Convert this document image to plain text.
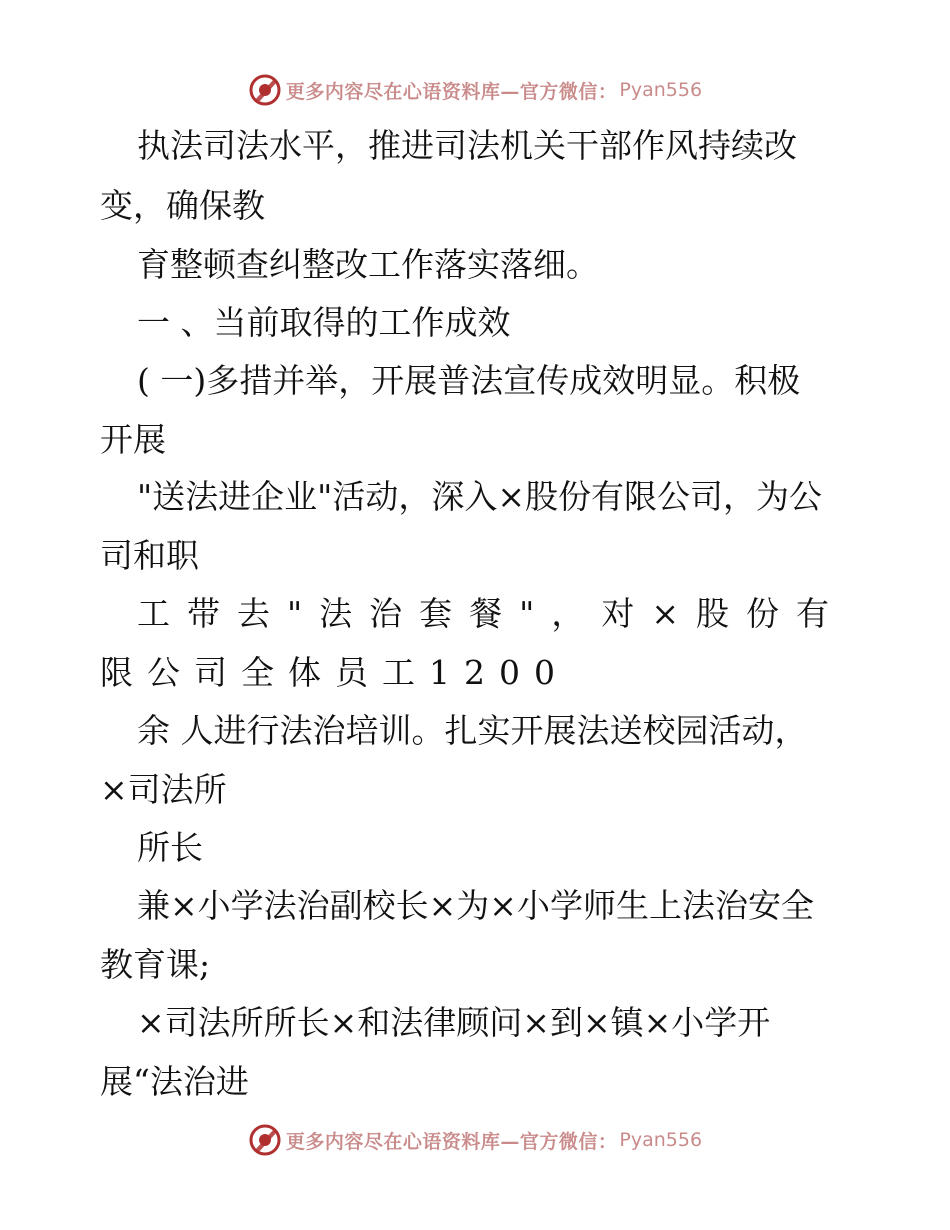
更多内容尽在心语资料库—官方微信： Pyan556
执法司法水平，推进司法机关干部作风持续改
变，确保教
育整顿查纠整改工作落实落细。
一 、当前取得的工作成效
( 一)多措并举，开展普法宣传成效明显。积极
开展
"送法进企业"活动，深入×股份有限公司，为公
司和职
工带去"法治套餐"，对×股份有
限公司全体员工1200
余 人进行法治培训。扎实开展法送校园活动，
×司法所
所长
兼×小学法治副校长×为×小学师生上法治安全
教育课;
×司法所所长×和法律顾问×到×镇×小学开
展“法治进
更多内容尽在心语资料库—官方微信： Pyan556
